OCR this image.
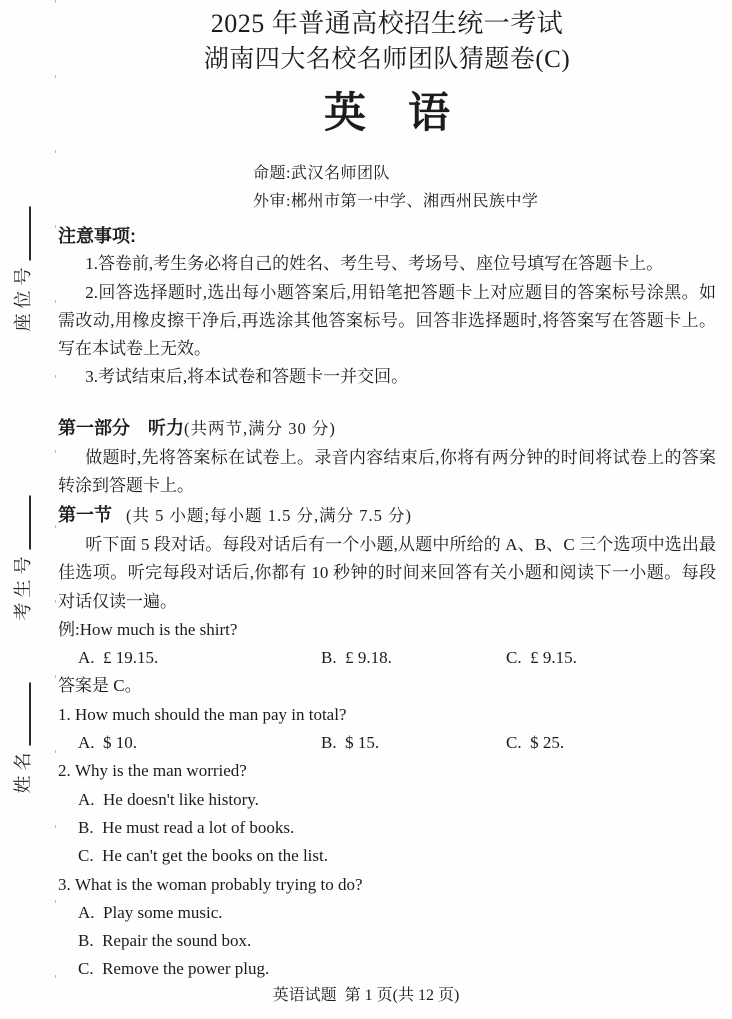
座位号
考生号
姓名
2025 年普通高校招生统一考试
湖南四大名校名师团队猜题卷(C)
英　语
命题:武汉名师团队
外审:郴州市第一中学、湘西州民族中学
注意事项:
1.答卷前,考生务必将自己的姓名、考生号、考场号、座位号填写在答题卡上。
2.回答选择题时,选出每小题答案后,用铅笔把答题卡上对应题目的答案标号涂黑。如需改动,用橡皮擦干净后,再选涂其他答案标号。回答非选择题时,将答案写在答题卡上。写在本试卷上无效。
3.考试结束后,将本试卷和答题卡一并交回。
第一部分　听力(共两节,满分 30 分)
做题时,先将答案标在试卷上。录音内容结束后,你将有两分钟的时间将试卷上的答案转涂到答题卡上。
第一节 (共 5 小题;每小题 1.5 分,满分 7.5 分)
听下面 5 段对话。每段对话后有一个小题,从题中所给的 A、B、C 三个选项中选出最佳选项。听完每段对话后,你都有 10 秒钟的时间来回答有关小题和阅读下一小题。每段对话仅读一遍。
例:How much is the shirt?
A.  £ 19.15.	B.  £ 9.18.	C.  £ 9.15.
答案是 C。
1. How much should the man pay in total?
A.  $ 10.	B.  $ 15.	C.  $ 25.
2. Why is the man worried?
A.  He doesn't like history.
B.  He must read a lot of books.
C.  He can't get the books on the list.
3. What is the woman probably trying to do?
A.  Play some music.
B.  Repair the sound box.
C.  Remove the power plug.
英语试题  第 1 页(共 12 页)
